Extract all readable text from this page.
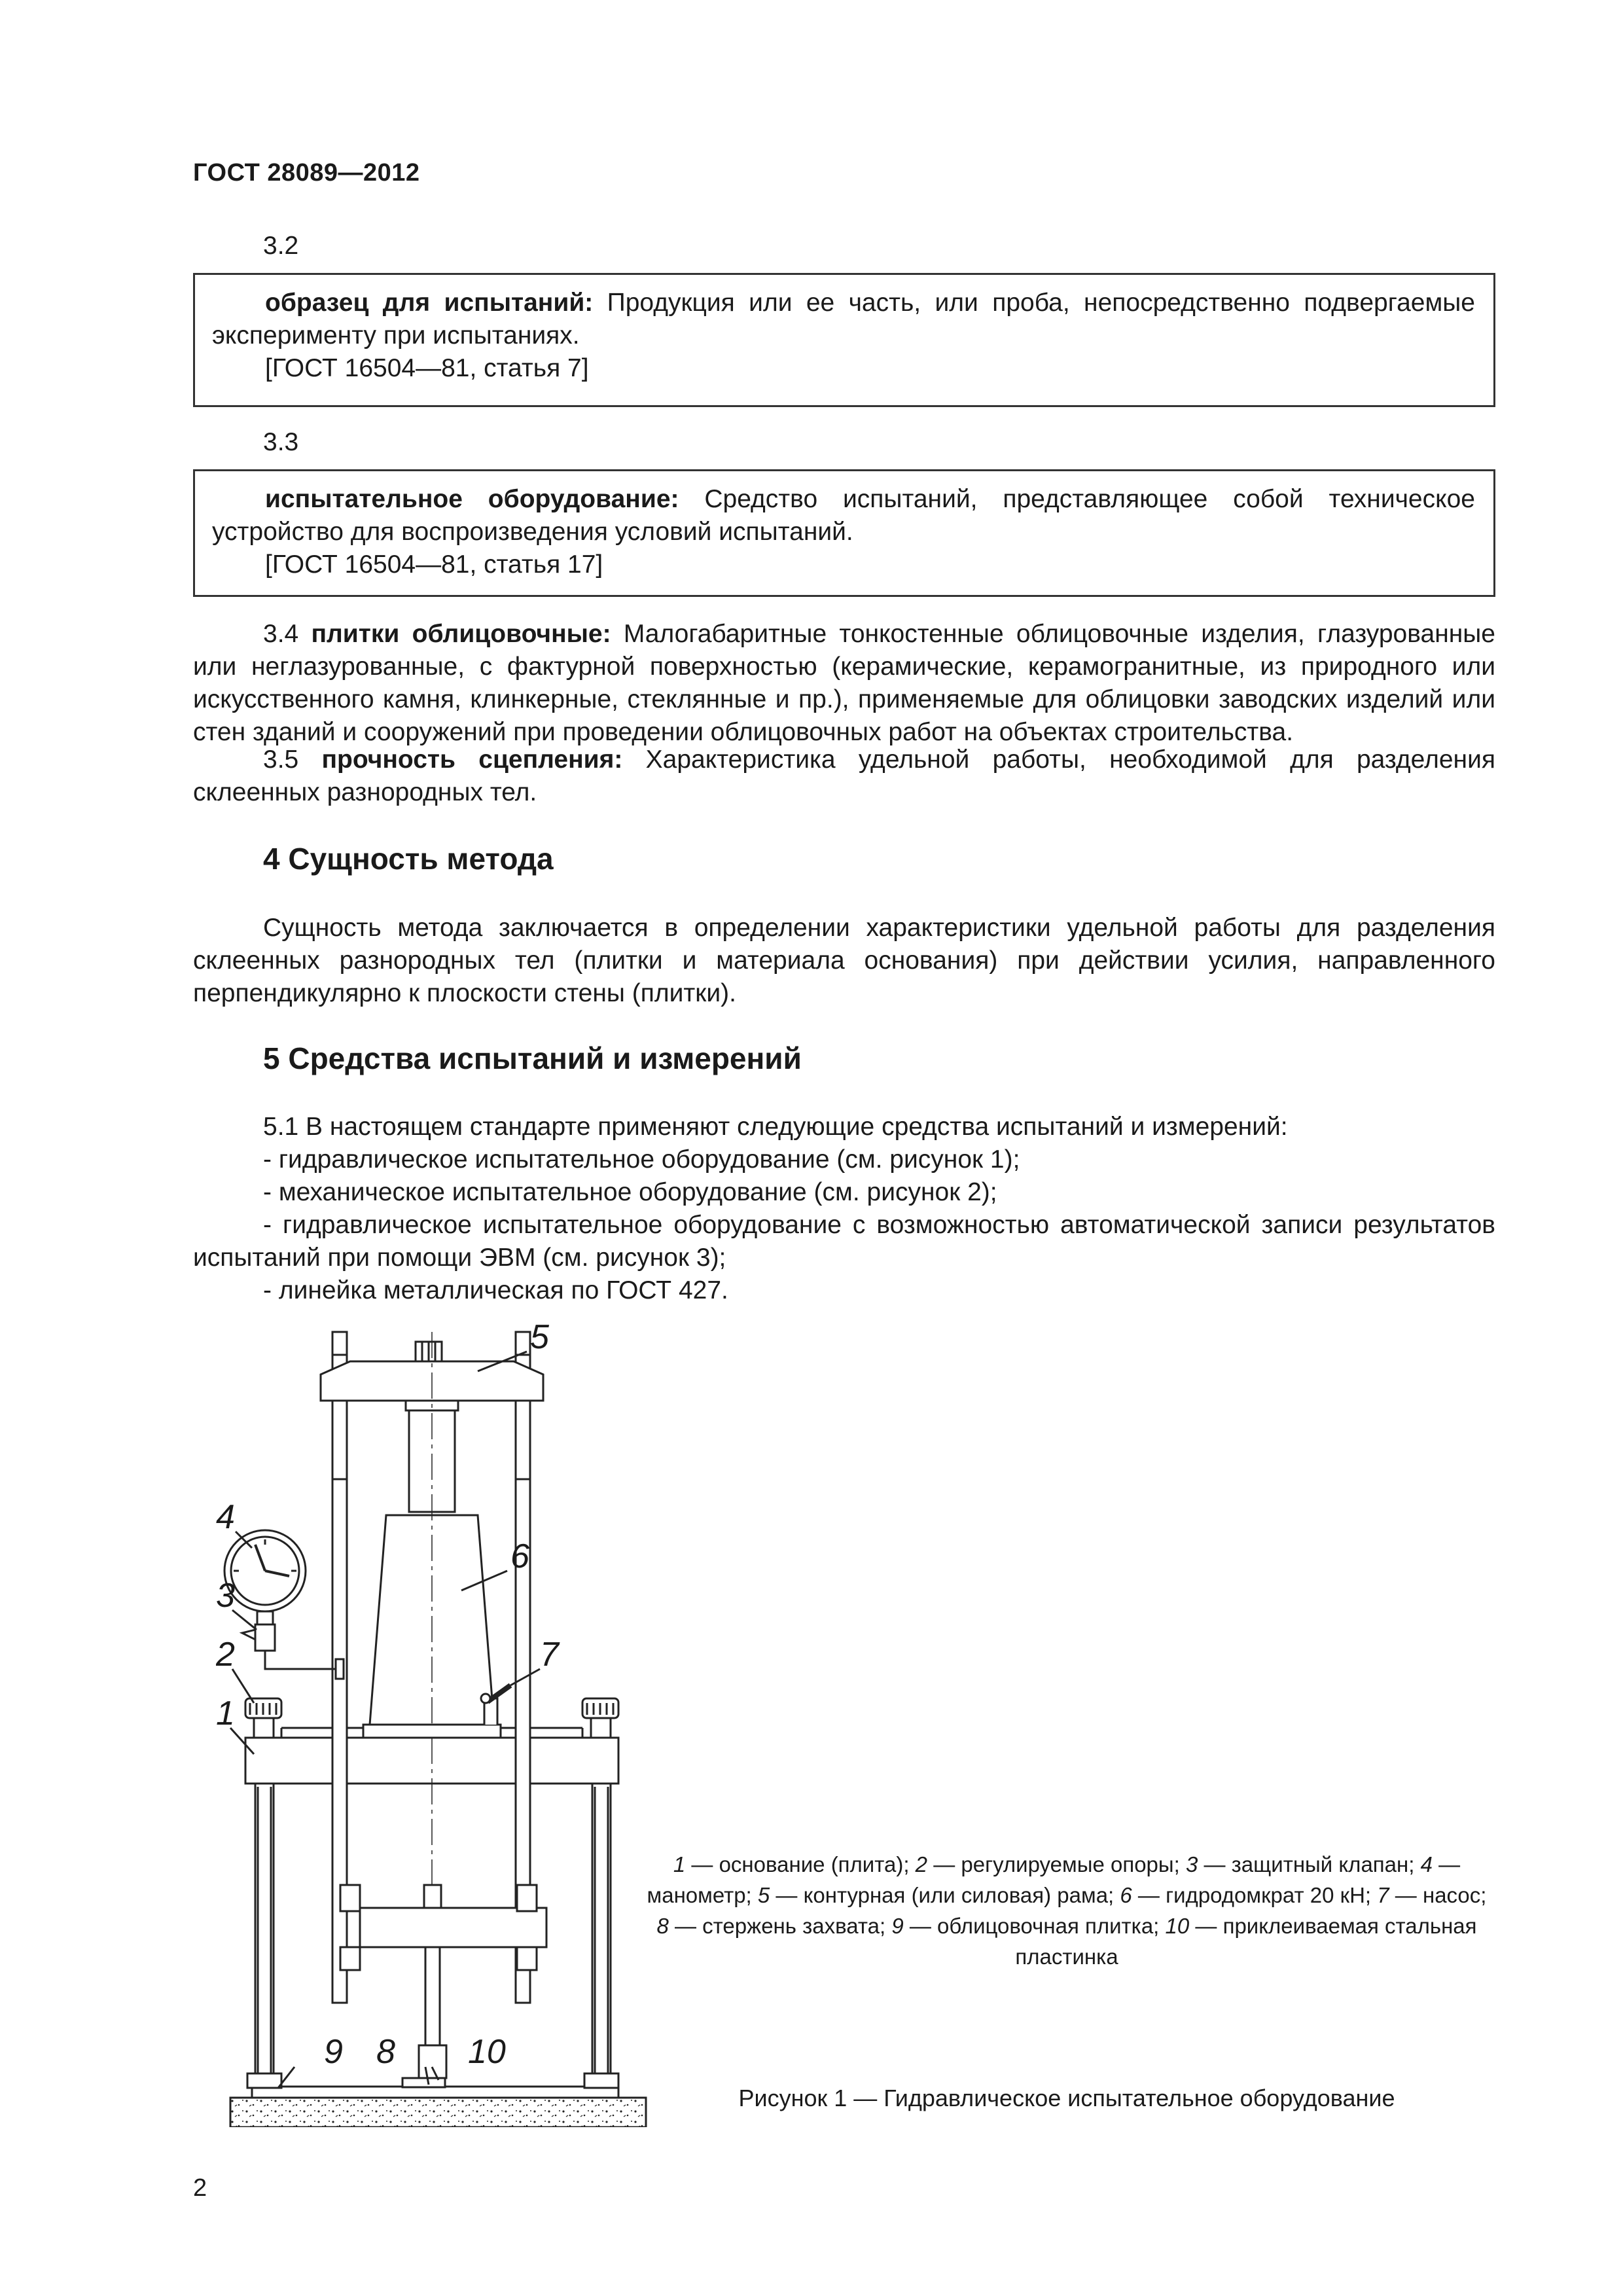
ГОСТ 28089—2012
3.2

образец для испытаний: Продукция или ее часть, или проба, непосредственно подвергаемые эксперименту при испытаниях.

[ГОСТ 16504—81, статья 7]

3.3

испытательное оборудование: Средство испытаний, представляющее собой техническое устройство для воспроизведения условий испытаний.

[ГОСТ 16504—81, статья 17]

3.4 плитки облицовочные: Малогабаритные тонкостенные облицовочные изделия, глазурованные или неглазурованные, с фактурной поверхностью (керамические, керамогранитные, из природного или искусственного камня, клинкерные, стеклянные и пр.), применяемые для облицовки заводских изделий или стен зданий и сооружений при проведении облицовочных работ на объектах строительства.

3.5 прочность сцепления: Характеристика удельной работы, необходимой для разделения склеенных разнородных тел.

4 Сущность метода

Сущность метода заключается в определении характеристики удельной работы для разделения склеенных разнородных тел (плитки и материала основания) при действии усилия, направленного перпендикулярно к плоскости стены (плитки).

5 Средства испытаний и измерений
5.1 В настоящем стандарте применяют следующие средства испытаний и измерений:
- гидравлическое испытательное оборудование (см. рисунок 1);
- механическое испытательное оборудование (см. рисунок 2);
- гидравлическое испытательное оборудование с возможностью автоматической записи результатов испытаний при помощи ЭВМ (см. рисунок 3);
- линейка металлическая по ГОСТ 427.
5
4
6
3
7
2
1
9 8 10

1 — основание (плита); 2 — регулируемые опоры; 3 — защитный клапан; 4 — манометр; 5 — контурная (или силовая) рама; 6 — гидродомкрат 20 кН; 7 — насос; 8 — стержень захвата; 9 — облицовочная плитка; 10 — приклеиваемая стальная пластинка

Рисунок 1 — Гидравлическое испытательное оборудование
2
